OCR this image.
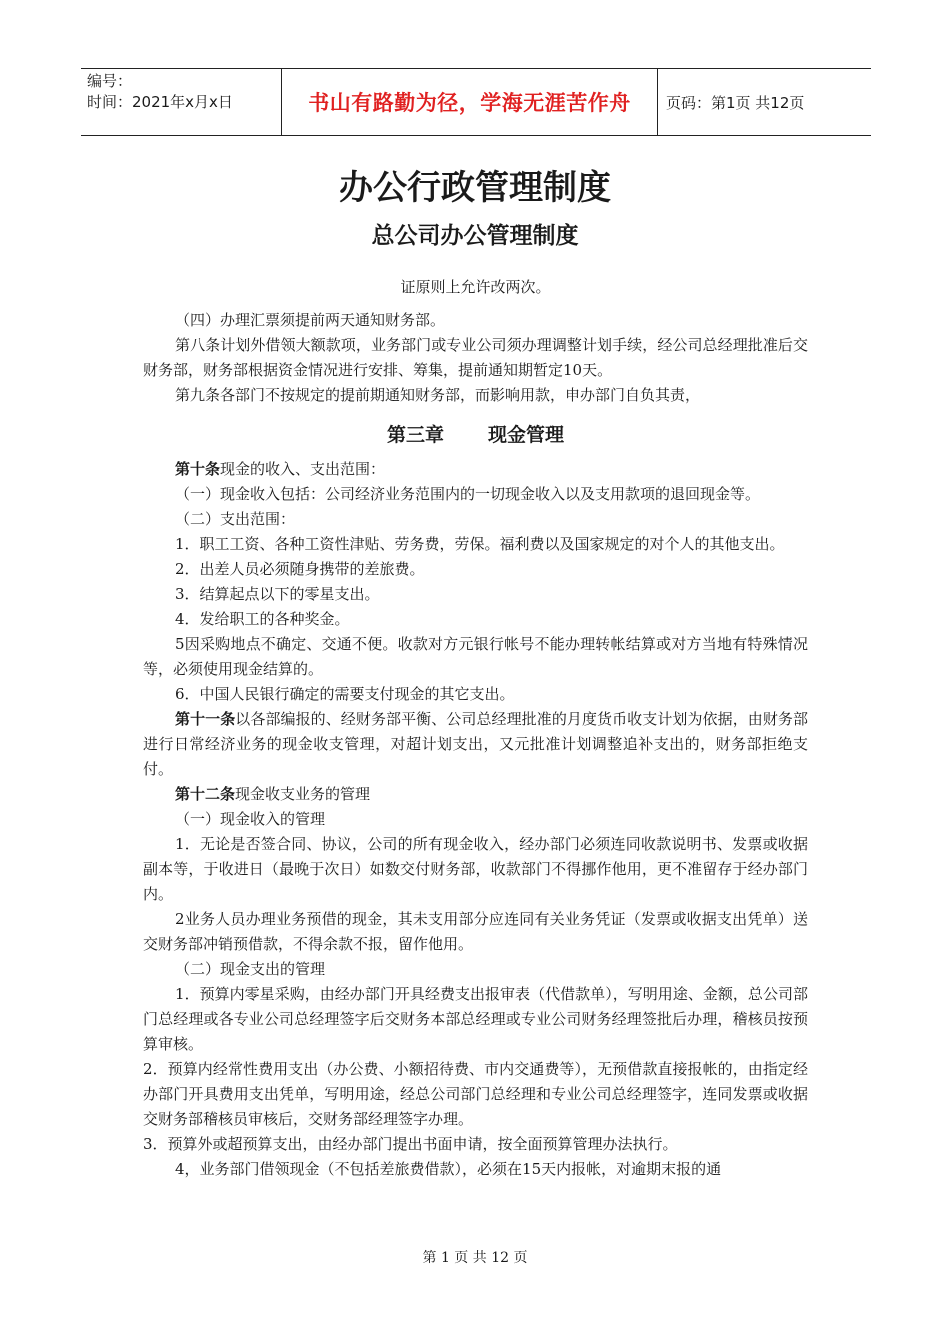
编号：
时间：2021年x月x日	书山有路勤为径，学海无涯苦作舟	页码：第1页 共12页
办公行政管理制度
总公司办公管理制度

证原则上允许改两次。

（四）办理汇票须提前两天通知财务部。

第八条计划外借领大额款项，业务部门或专业公司须办理调整计划手续，经公司总经理批准后交财务部，财务部根据资金情况进行安排、筹集，提前通知期暂定10天。

第九条各部门不按规定的提前期通知财务部，而影响用款，申办部门自负其责，

第三章 现金管理

第十条现金的收入、支出范围：

（一）现金收入包括：公司经济业务范围内的一切现金收入以及支用款项的退回现金等。

（二）支出范围：

1．职工工资、各种工资性津贴、劳务费，劳保。福利费以及国家规定的对个人的其他支出。

2．出差人员必须随身携带的差旅费。

3．结算起点以下的零星支出。

4．发给职工的各种奖金。

5因采购地点不确定、交通不便。收款对方元银行帐号不能办理转帐结算或对方当地有特殊情况等，必须使用现金结算的。

6．中国人民银行确定的需要支付现金的其它支出。

第十一条以各部编报的、经财务部平衡、公司总经理批准的月度货币收支计划为依据，由财务部进行日常经济业务的现金收支管理，对超计划支出，又元批准计划调整追补支出的，财务部拒绝支付。

第十二条现金收支业务的管理

（一）现金收入的管理

1．无论是否签合同、协议，公司的所有现金收入，经办部门必须连同收款说明书、发票或收据副本等，于收进日（最晚于次日）如数交付财务部，收款部门不得挪作他用，更不准留存于经办部门内。

2业务人员办理业务预借的现金，其未支用部分应连同有关业务凭证（发票或收据支出凭单）送交财务部冲销预借款，不得余款不报，留作他用。

（二）现金支出的管理

1．预算内零星采购，由经办部门开具经费支出报审表（代借款单），写明用途、金额，总公司部门总经理或各专业公司总经理签字后交财务本部总经理或专业公司财务经理签批后办理，稽核员按预算审核。

2．预算内经常性费用支出（办公费、小额招待费、市内交通费等），无预借款直接报帐的，由指定经办部门开具费用支出凭单，写明用途，经总公司部门总经理和专业公司总经理签字，连同发票或收据交财务部稽核员审核后，交财务部经理签字办理。

3．预算外或超预算支出，由经办部门提出书面申请，按全面预算管理办法执行。

4，业务部门借领现金（不包括差旅费借款），必须在15天内报帐，对逾期末报的通

第 1 页 共 12 页
